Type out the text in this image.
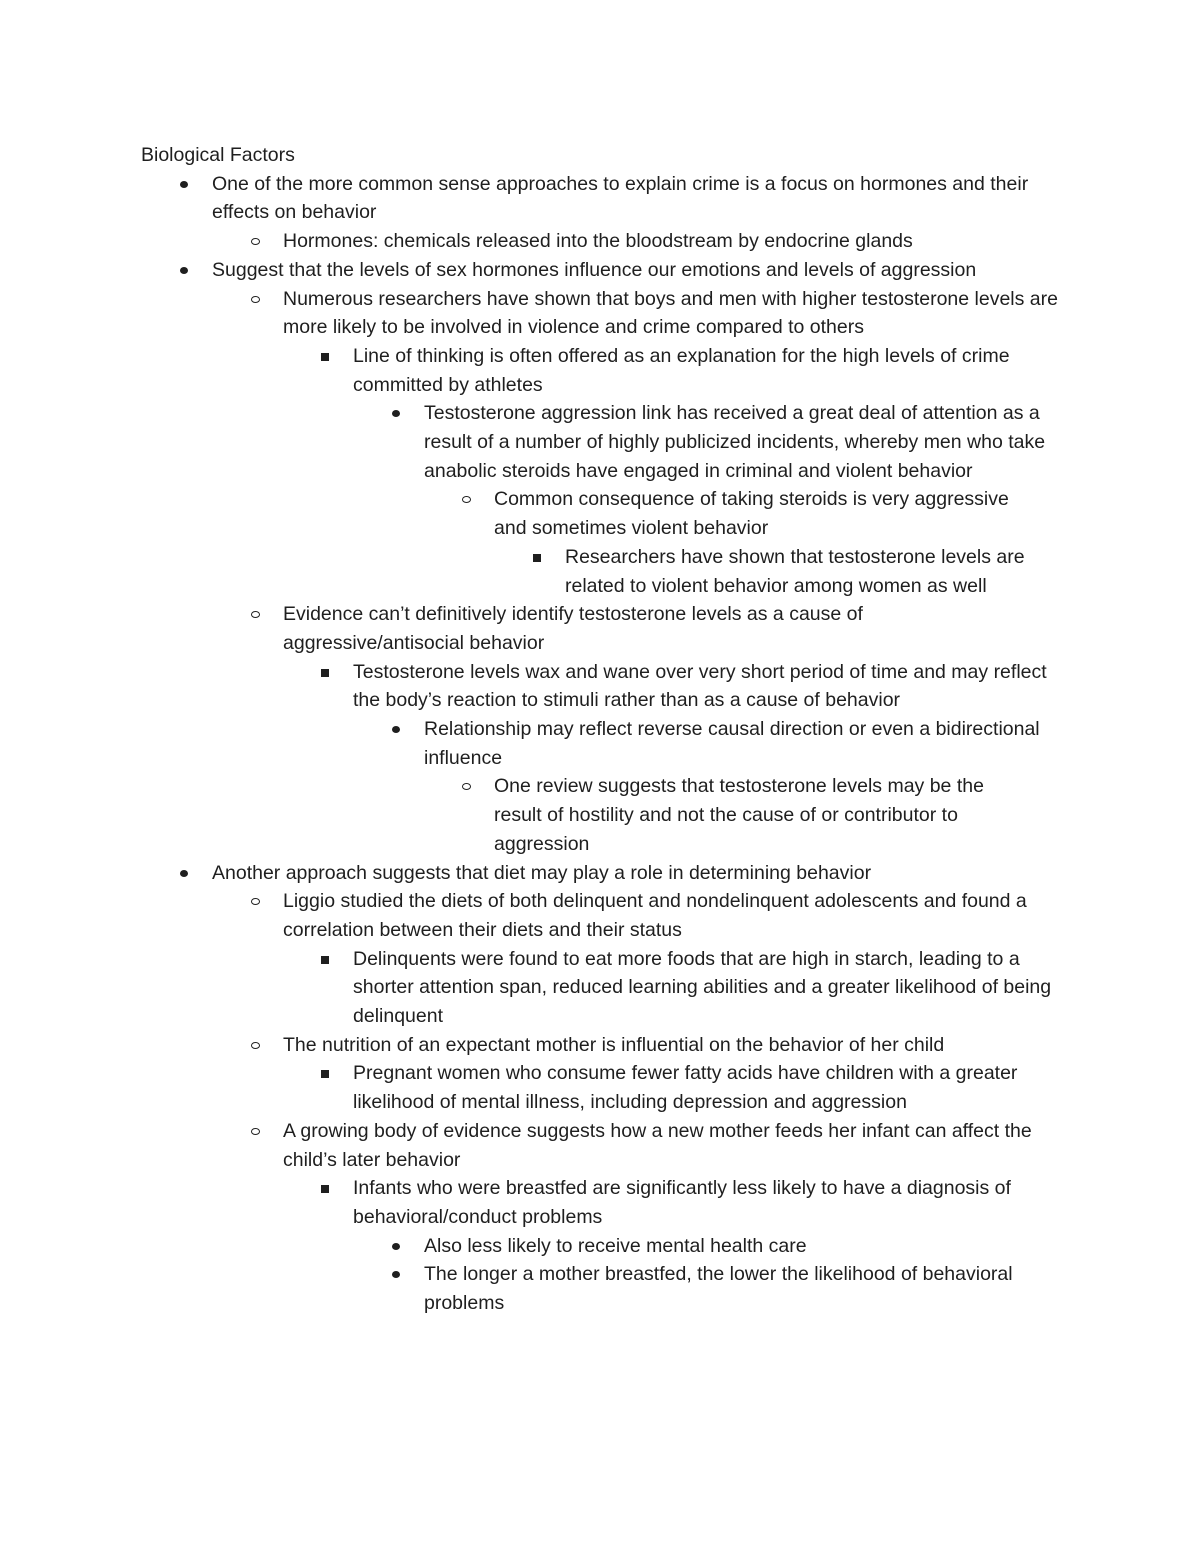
Biological Factors
One of the more common sense approaches to explain crime is a focus on hormones and their effects on behavior
Hormones: chemicals released into the bloodstream by endocrine glands
Suggest that the levels of sex hormones influence our emotions and levels of aggression
Numerous researchers have shown that boys and men with higher testosterone levels are more likely to be involved in violence and crime compared to others
Line of thinking is often offered as an explanation for the high levels of crime committed by athletes
Testosterone aggression link has received a great deal of attention as a result of a number of highly publicized incidents, whereby men who take anabolic steroids have engaged in criminal and violent behavior
Common consequence of taking steroids is very aggressive and sometimes violent behavior
Researchers have shown that testosterone levels are related to violent behavior among women as well
Evidence can’t definitively identify testosterone levels as a cause of aggressive/antisocial behavior
Testosterone levels wax and wane over very short period of time and may reflect the body’s reaction to stimuli rather than as a cause of behavior
Relationship may reflect reverse causal direction or even a bidirectional influence
One review suggests that testosterone levels may be the result of hostility and not the cause of or contributor to aggression
Another approach suggests that diet may play a role in determining behavior
Liggio studied the diets of both delinquent and nondelinquent adolescents and found a correlation between their diets and their status
Delinquents were found to eat more foods that are high in starch, leading to a shorter attention span, reduced learning abilities and a greater likelihood of being delinquent
The nutrition of an expectant mother is influential on the behavior of her child
Pregnant women who consume fewer fatty acids have children with a greater likelihood of mental illness, including depression and aggression
A growing body of evidence suggests how a new mother feeds her infant can affect the child’s later behavior
Infants who were breastfed are significantly less likely to have a diagnosis of behavioral/conduct problems
Also less likely to receive mental health care
The longer a mother breastfed, the lower the likelihood of behavioral problems
